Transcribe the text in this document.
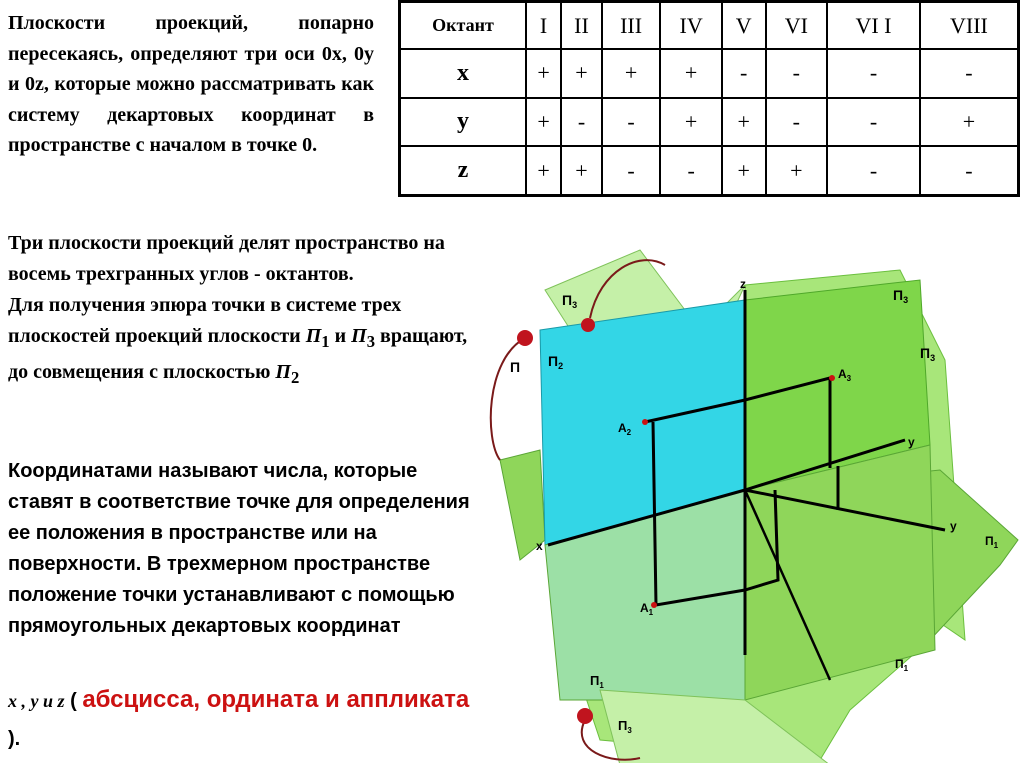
Плоскости проекций, попарно пересекаясь, определяют три оси 0x, 0y и 0z, которые можно рассматривать как систему декартовых координат в пространстве с началом в точке 0.

Три плоскости проекций делят пространство на восемь трехгранных углов - октантов.
Для получения эпюра точки в системе трех плоскостей проекций плоскости $П_1$ и $П_3$ вращают, до совмещения с плоскостью $П_2$

Координатами называют числа, которые ставят в соответствие точке для определения ее положения в пространстве или на поверхности. В трехмерном пространстве положение точки устанавливают с помощью прямоугольных декартовых координат

x , y и z ( абсцисса, ордината и аппликата ).

Октант	I	II	III	IV	V	VI	VI I	VIII
x	+	+	+	+	-	-	-	-
y	+	-	-	+	+	-	-	+
z	+	+	-	-	+	+	-	-
$П_2$
П
$П_3$
$П_3$
$П_3$
$П_1$
$П_1$
$П_1$
$П_3$
z
x
y
y
$A_2$
$A_3$
$A_1$
